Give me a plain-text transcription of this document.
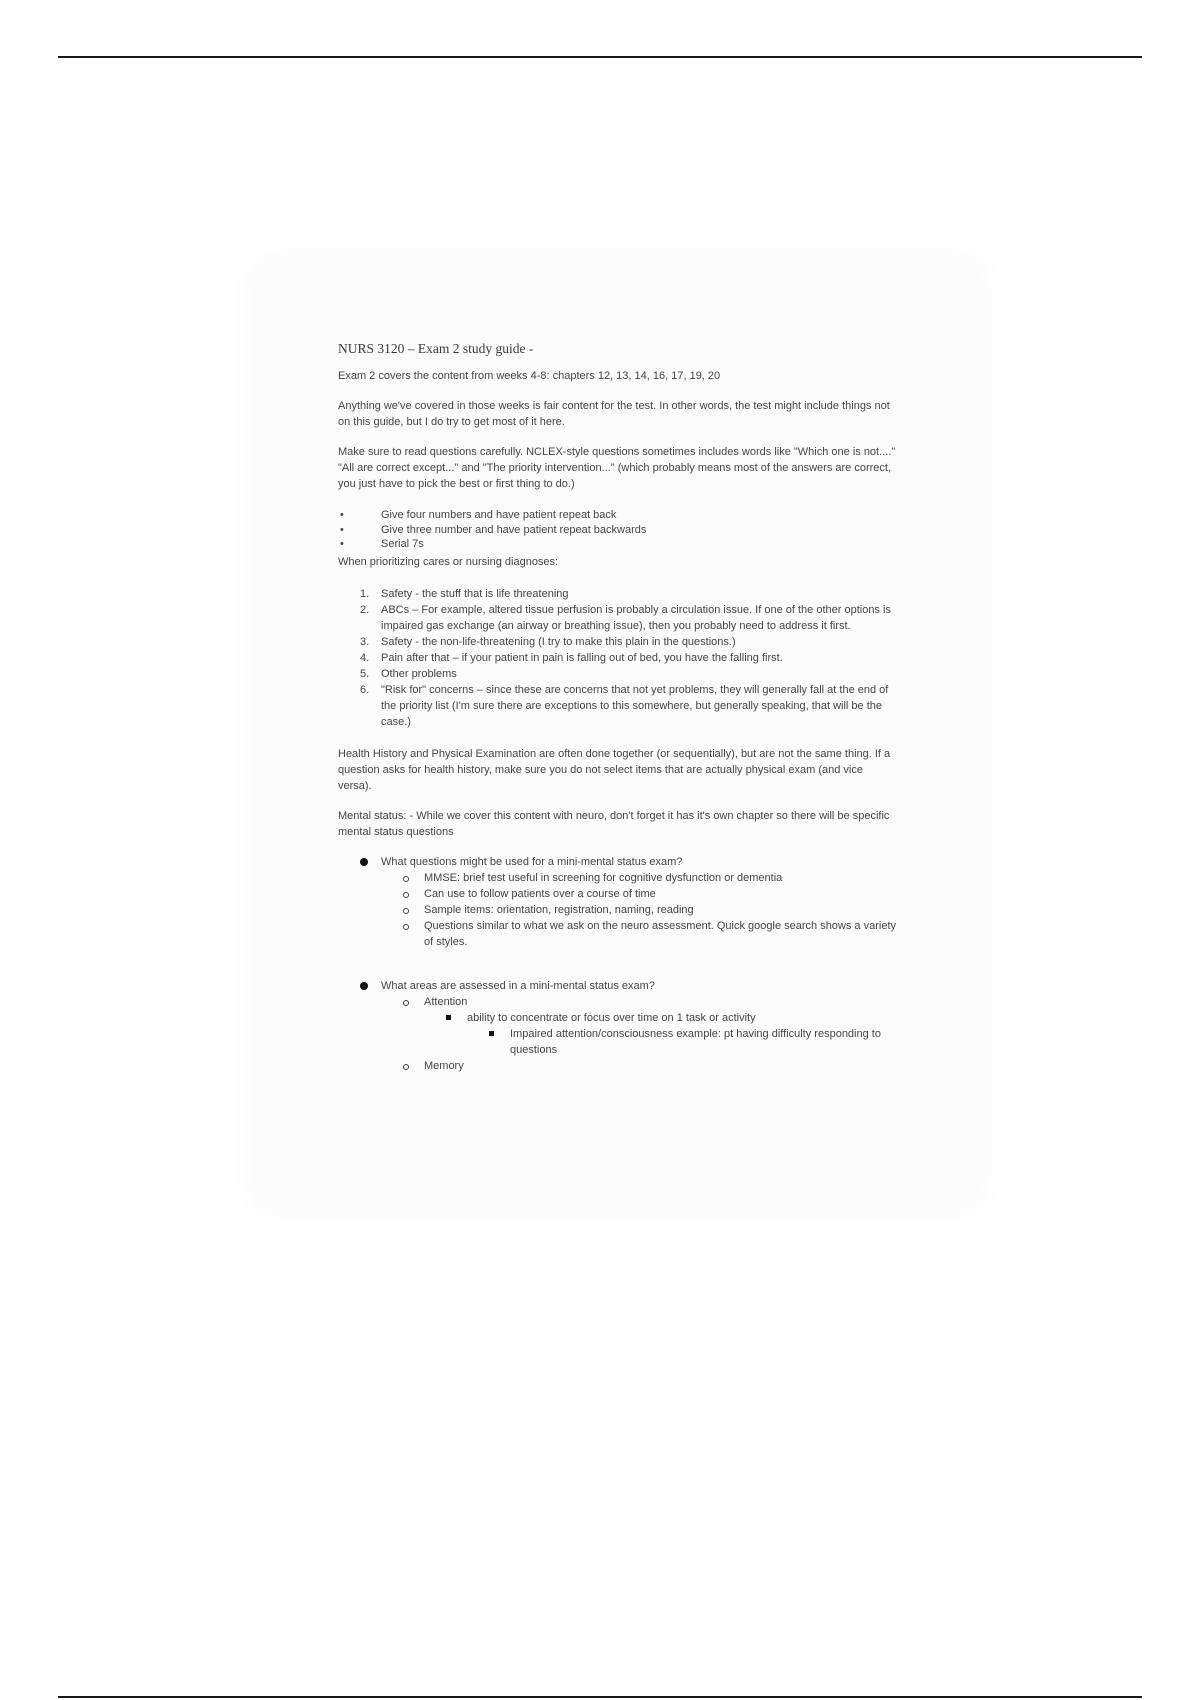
NURS 3120 – Exam 2 study guide -

Exam 2 covers the content from weeks 4-8: chapters 12, 13, 14, 16, 17, 19, 20

Anything we've covered in those weeks is fair content for the test. In other words, the test might include things not on this guide, but I do try to get most of it here.

Make sure to read questions carefully. NCLEX-style questions sometimes includes words like "Which one is not...." "All are correct except..." and "The priority intervention..." (which probably means most of the answers are correct, you just have to pick the best or first thing to do.)

• Give four numbers and have patient repeat back
• Give three number and have patient repeat backwards
• Serial 7s

When prioritizing cares or nursing diagnoses:

1. Safety - the stuff that is life threatening
2. ABCs – For example, altered tissue perfusion is probably a circulation issue. If one of the other options is impaired gas exchange (an airway or breathing issue), then you probably need to address it first.
3. Safety - the non-life-threatening (I try to make this plain in the questions.)
4. Pain after that – if your patient in pain is falling out of bed, you have the falling first.
5. Other problems
6. "Risk for" concerns – since these are concerns that not yet problems, they will generally fall at the end of the priority list (I'm sure there are exceptions to this somewhere, but generally speaking, that will be the case.)

Health History and Physical Examination are often done together (or sequentially), but are not the same thing. If a question asks for health history, make sure you do not select items that are actually physical exam (and vice versa).

Mental status: - While we cover this content with neuro, don't forget it has it's own chapter so there will be specific mental status questions

What questions might be used for a mini-mental status exam?
MMSE: brief test useful in screening for cognitive dysfunction or dementia
Can use to follow patients over a course of time
Sample items: orientation, registration, naming, reading
Questions similar to what we ask on the neuro assessment. Quick google search shows a variety of styles.
What areas are assessed in a mini-mental status exam?
Attention
ability to concentrate or focus over time on 1 task or activity
Impaired attention/consciousness example: pt having difficulty responding to questions
Memory
